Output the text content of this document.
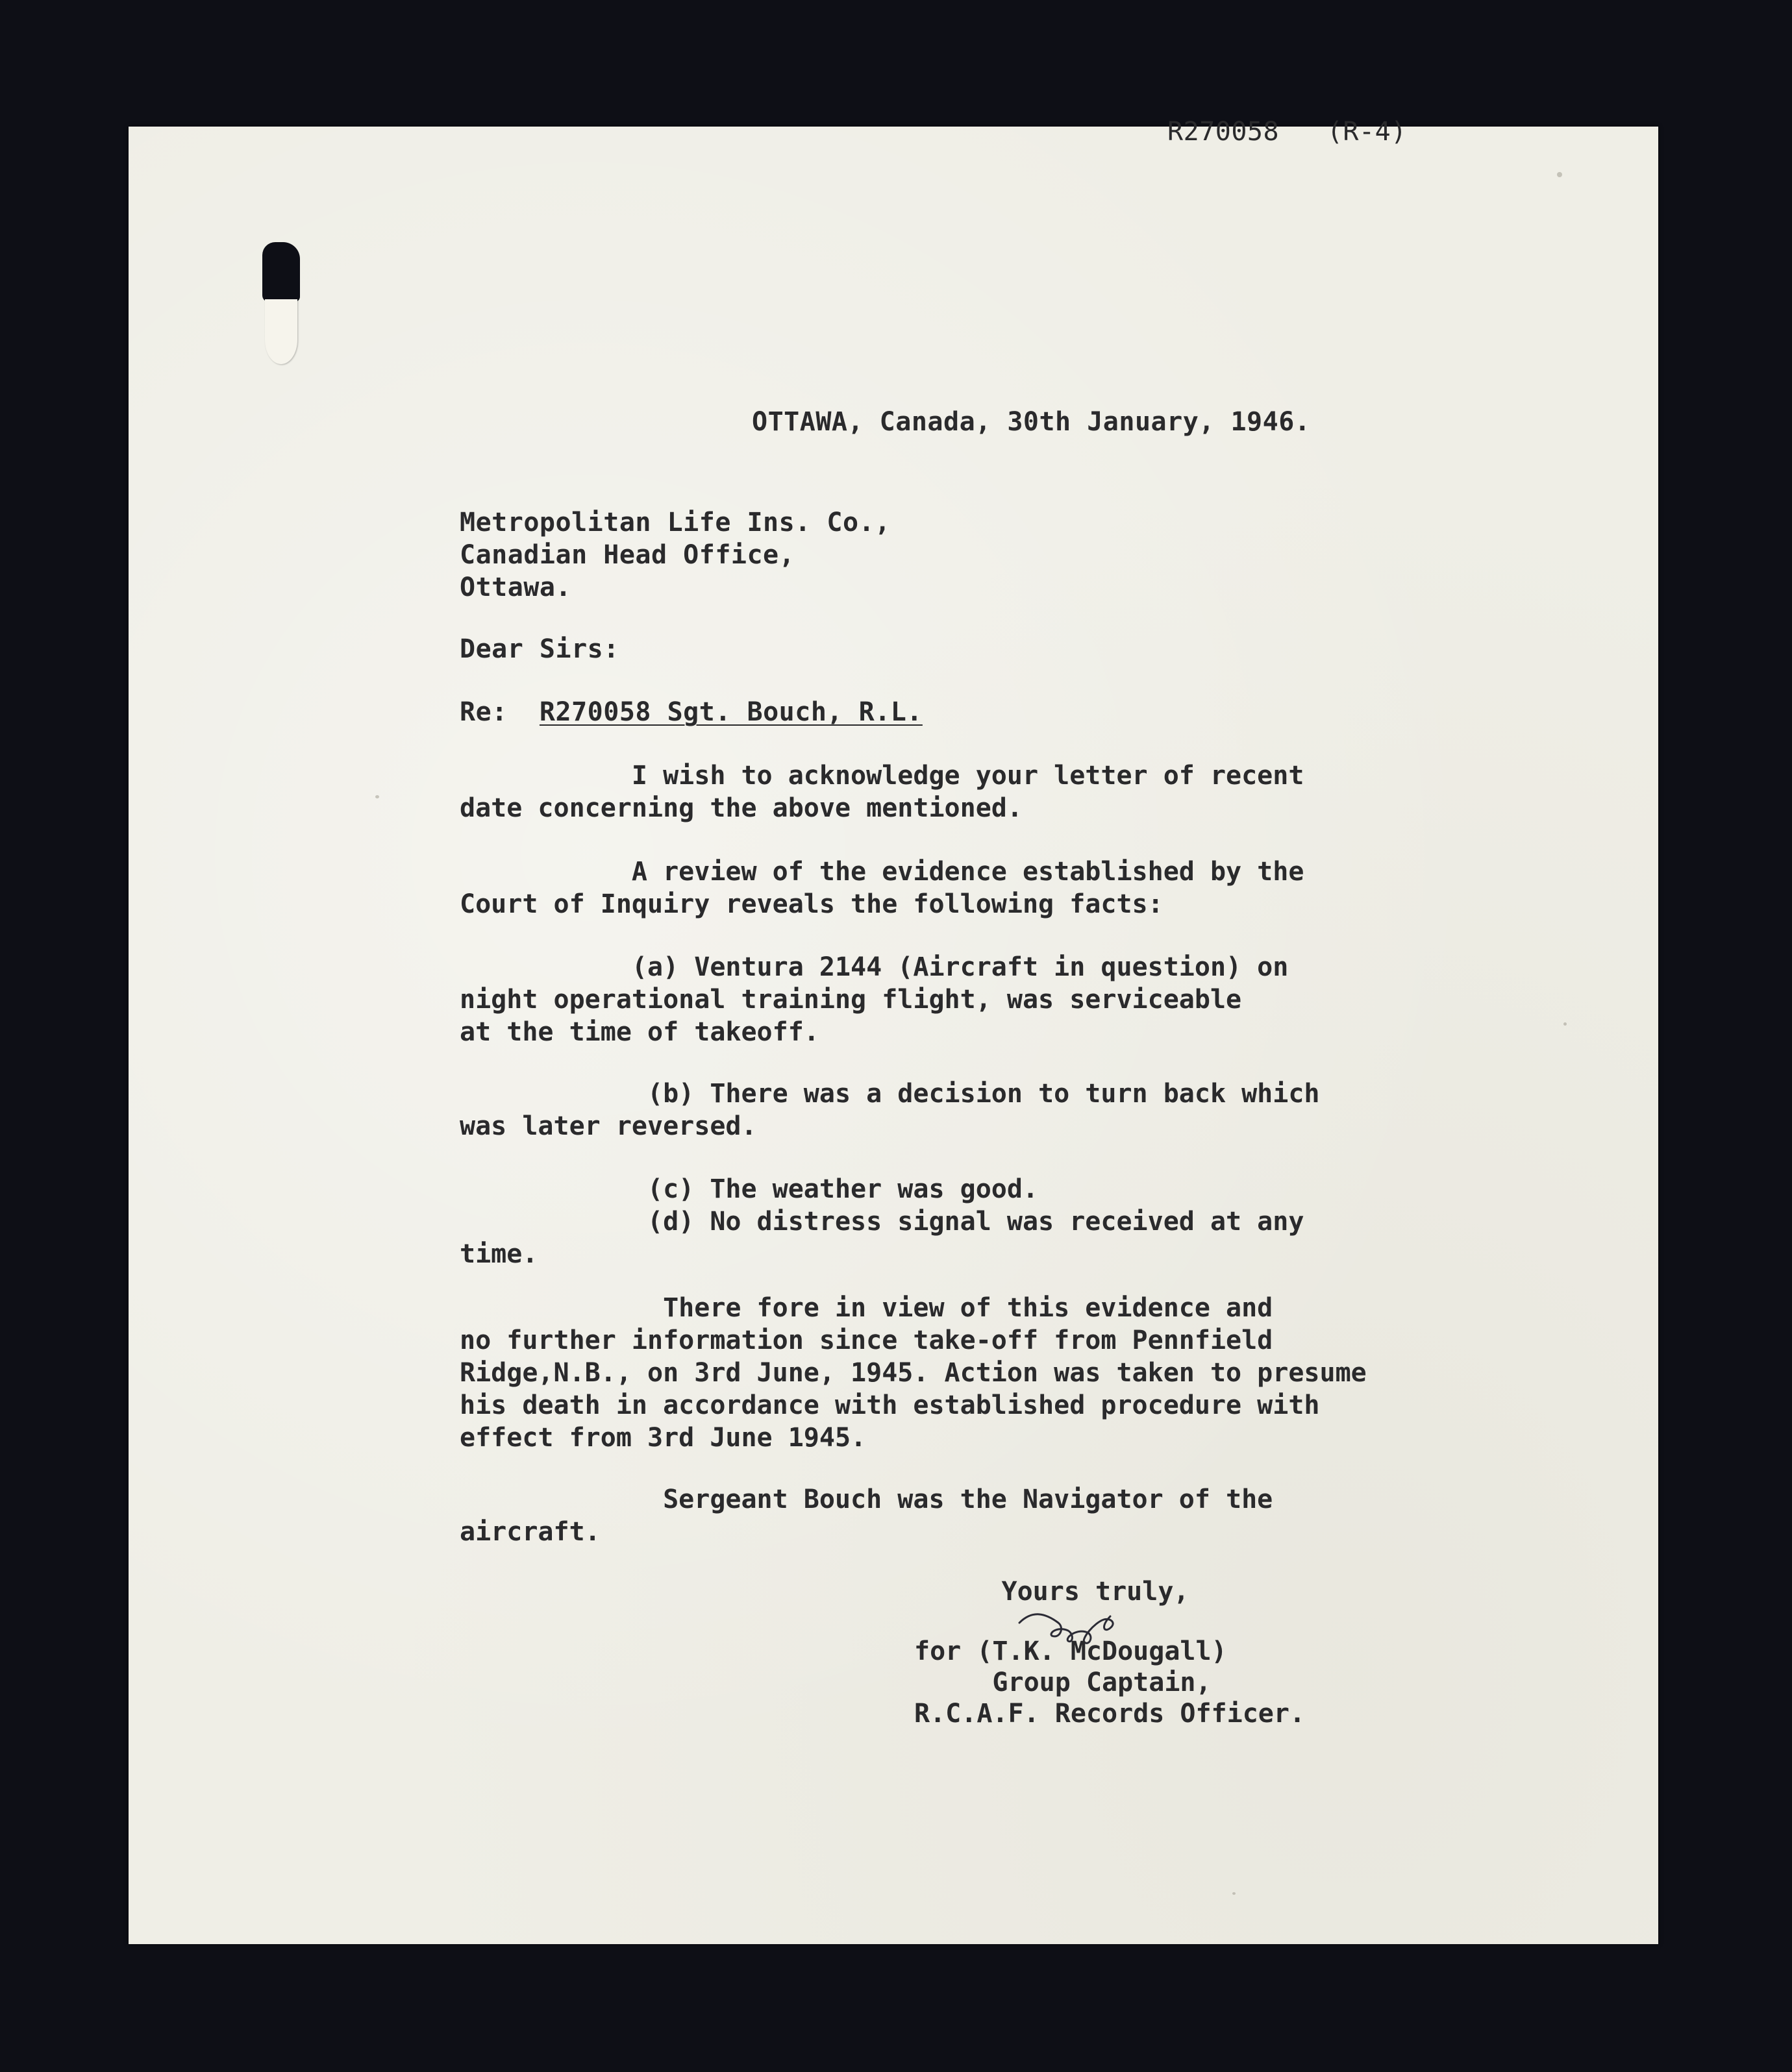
R270058   (R-4)
OTTAWA, Canada, 30th January, 1946.
Metropolitan Life Ins. Co.,
Canadian Head Office,
Ottawa.
Dear Sirs:
Re:  R270058 Sgt. Bouch, R.L.
I wish to acknowledge your letter of recent
date concerning the above mentioned.
A review of the evidence established by the
Court of Inquiry reveals the following facts:
(a) Ventura 2144 (Aircraft in question) on
night operational training flight, was serviceable
at the time of takeoff.
(b) There was a decision to turn back which
was later reversed.
(c) The weather was good.
(d) No distress signal was received at any
time.
There fore in view of this evidence and
no further information since take-off from Pennfield
Ridge,N.B., on 3rd June, 1945. Action was taken to presume
his death in accordance with established procedure with
effect from 3rd June 1945.
Sergeant Bouch was the Navigator of the
aircraft.
Yours truly,
for (T.K. McDougall)
Group Captain,
R.C.A.F. Records Officer.
